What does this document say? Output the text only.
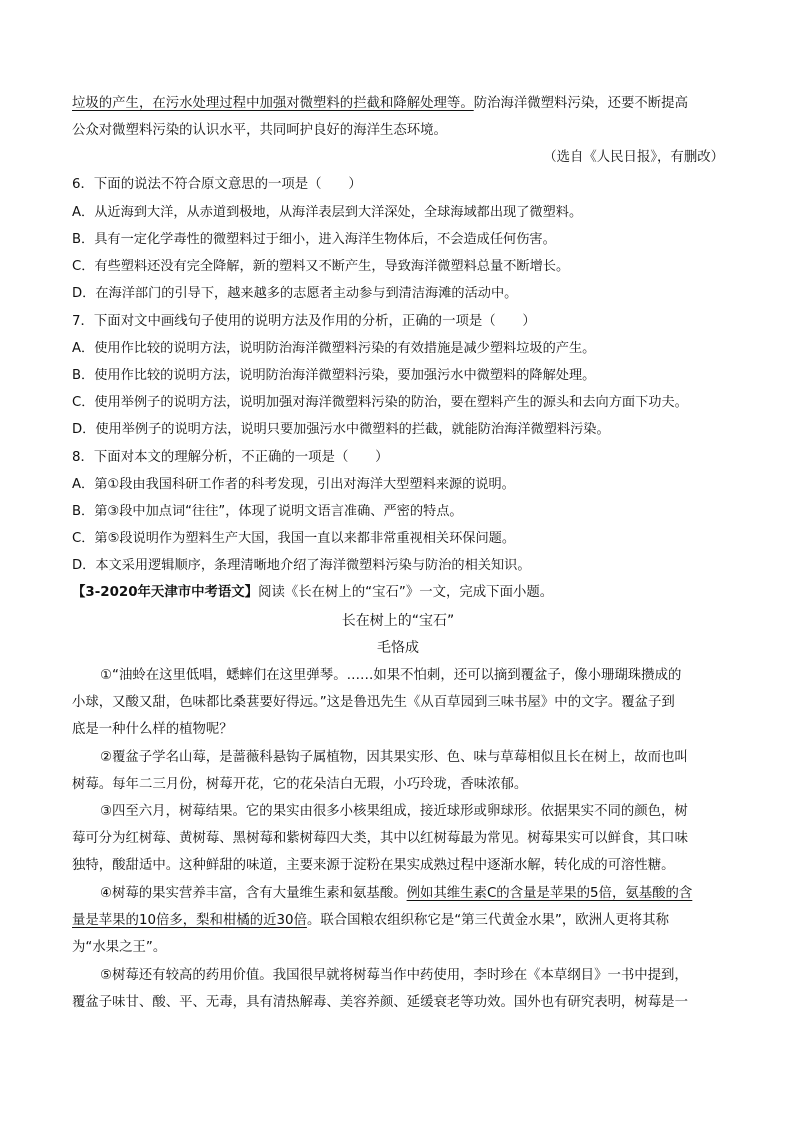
垃圾的产生，在污水处理过程中加强对微塑料的拦截和降解处理等。防治海洋微塑料污染，还要不断提高
公众对微塑料污染的认识水平，共同呵护良好的海洋生态环境。
（选自《人民日报》，有删改）
6．下面的说法不符合原文意思的一项是（　　）
A．从近海到大洋，从赤道到极地，从海洋表层到大洋深处，全球海域都出现了微塑料。
B．具有一定化学毒性的微塑料过于细小，进入海洋生物体后，不会造成任何伤害。
C．有些塑料还没有完全降解，新的塑料又不断产生，导致海洋微塑料总量不断增长。
D．在海洋部门的引导下，越来越多的志愿者主动参与到清洁海滩的活动中。
7．下面对文中画线句子使用的说明方法及作用的分析，正确的一项是（　　）
A．使用作比较的说明方法，说明防治海洋微塑料污染的有效措施是减少塑料垃圾的产生。
B．使用作比较的说明方法，说明防治海洋微塑料污染，要加强污水中微塑料的降解处理。
C．使用举例子的说明方法，说明加强对海洋微塑料污染的防治，要在塑料产生的源头和去向方面下功夫。
D．使用举例子的说明方法，说明只要加强污水中微塑料的拦截，就能防治海洋微塑料污染。
8．下面对本文的理解分析，不正确的一项是（　　）
A．第①段由我国科研工作者的科考发现，引出对海洋大型塑料来源的说明。
B．第③段中加点词“往往”，体现了说明文语言准确、严密的特点。
C．第⑤段说明作为塑料生产大国，我国一直以来都非常重视相关环保问题。
D．本文采用逻辑顺序，条理清晰地介绍了海洋微塑料污染与防治的相关知识。
【3-2020年天津市中考语文】阅读《长在树上的“宝石”》一文，完成下面小题。
长在树上的“宝石”
毛恪成
①“油蛉在这里低唱，蟋蟀们在这里弹琴。……如果不怕刺，还可以摘到覆盆子，像小珊瑚珠攒成的
小球，又酸又甜，色味都比桑葚要好得远。”这是鲁迅先生《从百草园到三味书屋》中的文字。覆盆子到
底是一种什么样的植物呢？
②覆盆子学名山莓，是蔷薇科悬钩子属植物，因其果实形、色、味与草莓相似且长在树上，故而也叫
树莓。每年二三月份，树莓开花，它的花朵洁白无瑕，小巧玲珑，香味浓郁。
③四至六月，树莓结果。它的果实由很多小核果组成，接近球形或卵球形。依据果实不同的颜色，树
莓可分为红树莓、黄树莓、黑树莓和紫树莓四大类，其中以红树莓最为常见。树莓果实可以鲜食，其口味
独特，酸甜适中。这种鲜甜的味道，主要来源于淀粉在果实成熟过程中逐渐水解，转化成的可溶性糖。
④树莓的果实营养丰富，含有大量维生素和氨基酸。例如其维生素C的含量是苹果的5倍，氨基酸的含
量是苹果的10倍多，梨和柑橘的近30倍。联合国粮农组织称它是“第三代黄金水果”，欧洲人更将其称
为“水果之王”。
⑤树莓还有较高的药用价值。我国很早就将树莓当作中药使用，李时珍在《本草纲目》一书中提到，
覆盆子味甘、酸、平、无毒，具有清热解毒、美容养颜、延缓衰老等功效。国外也有研究表明，树莓是一
